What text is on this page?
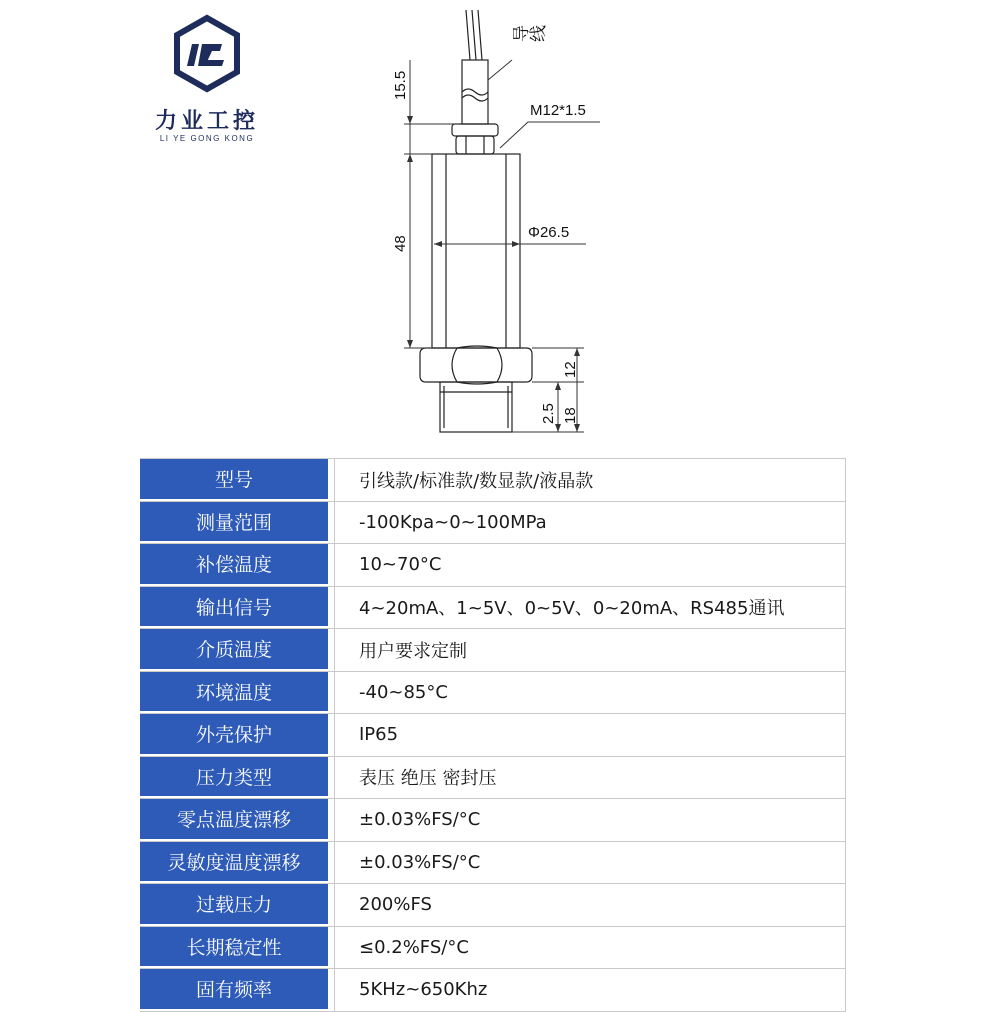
力业工控
LI YE GONG KONG
15.5
48
12
18
2.5
Φ26.5
M12*1.5
导线
型号	引线款/标准款/数显款/液晶款
测量范围	-100Kpa~0~100MPa
补偿温度	10~70°C
输出信号	4~20mA、1~5V、0~5V、0~20mA、RS485通讯
介质温度	用户要求定制
环境温度	-40~85°C
外壳保护	IP65
压力类型	表压 绝压 密封压
零点温度漂移	±0.03%FS/°C
灵敏度温度漂移	±0.03%FS/°C
过载压力	200%FS
长期稳定性	≤0.2%FS/°C
固有频率	5KHz~650Khz
